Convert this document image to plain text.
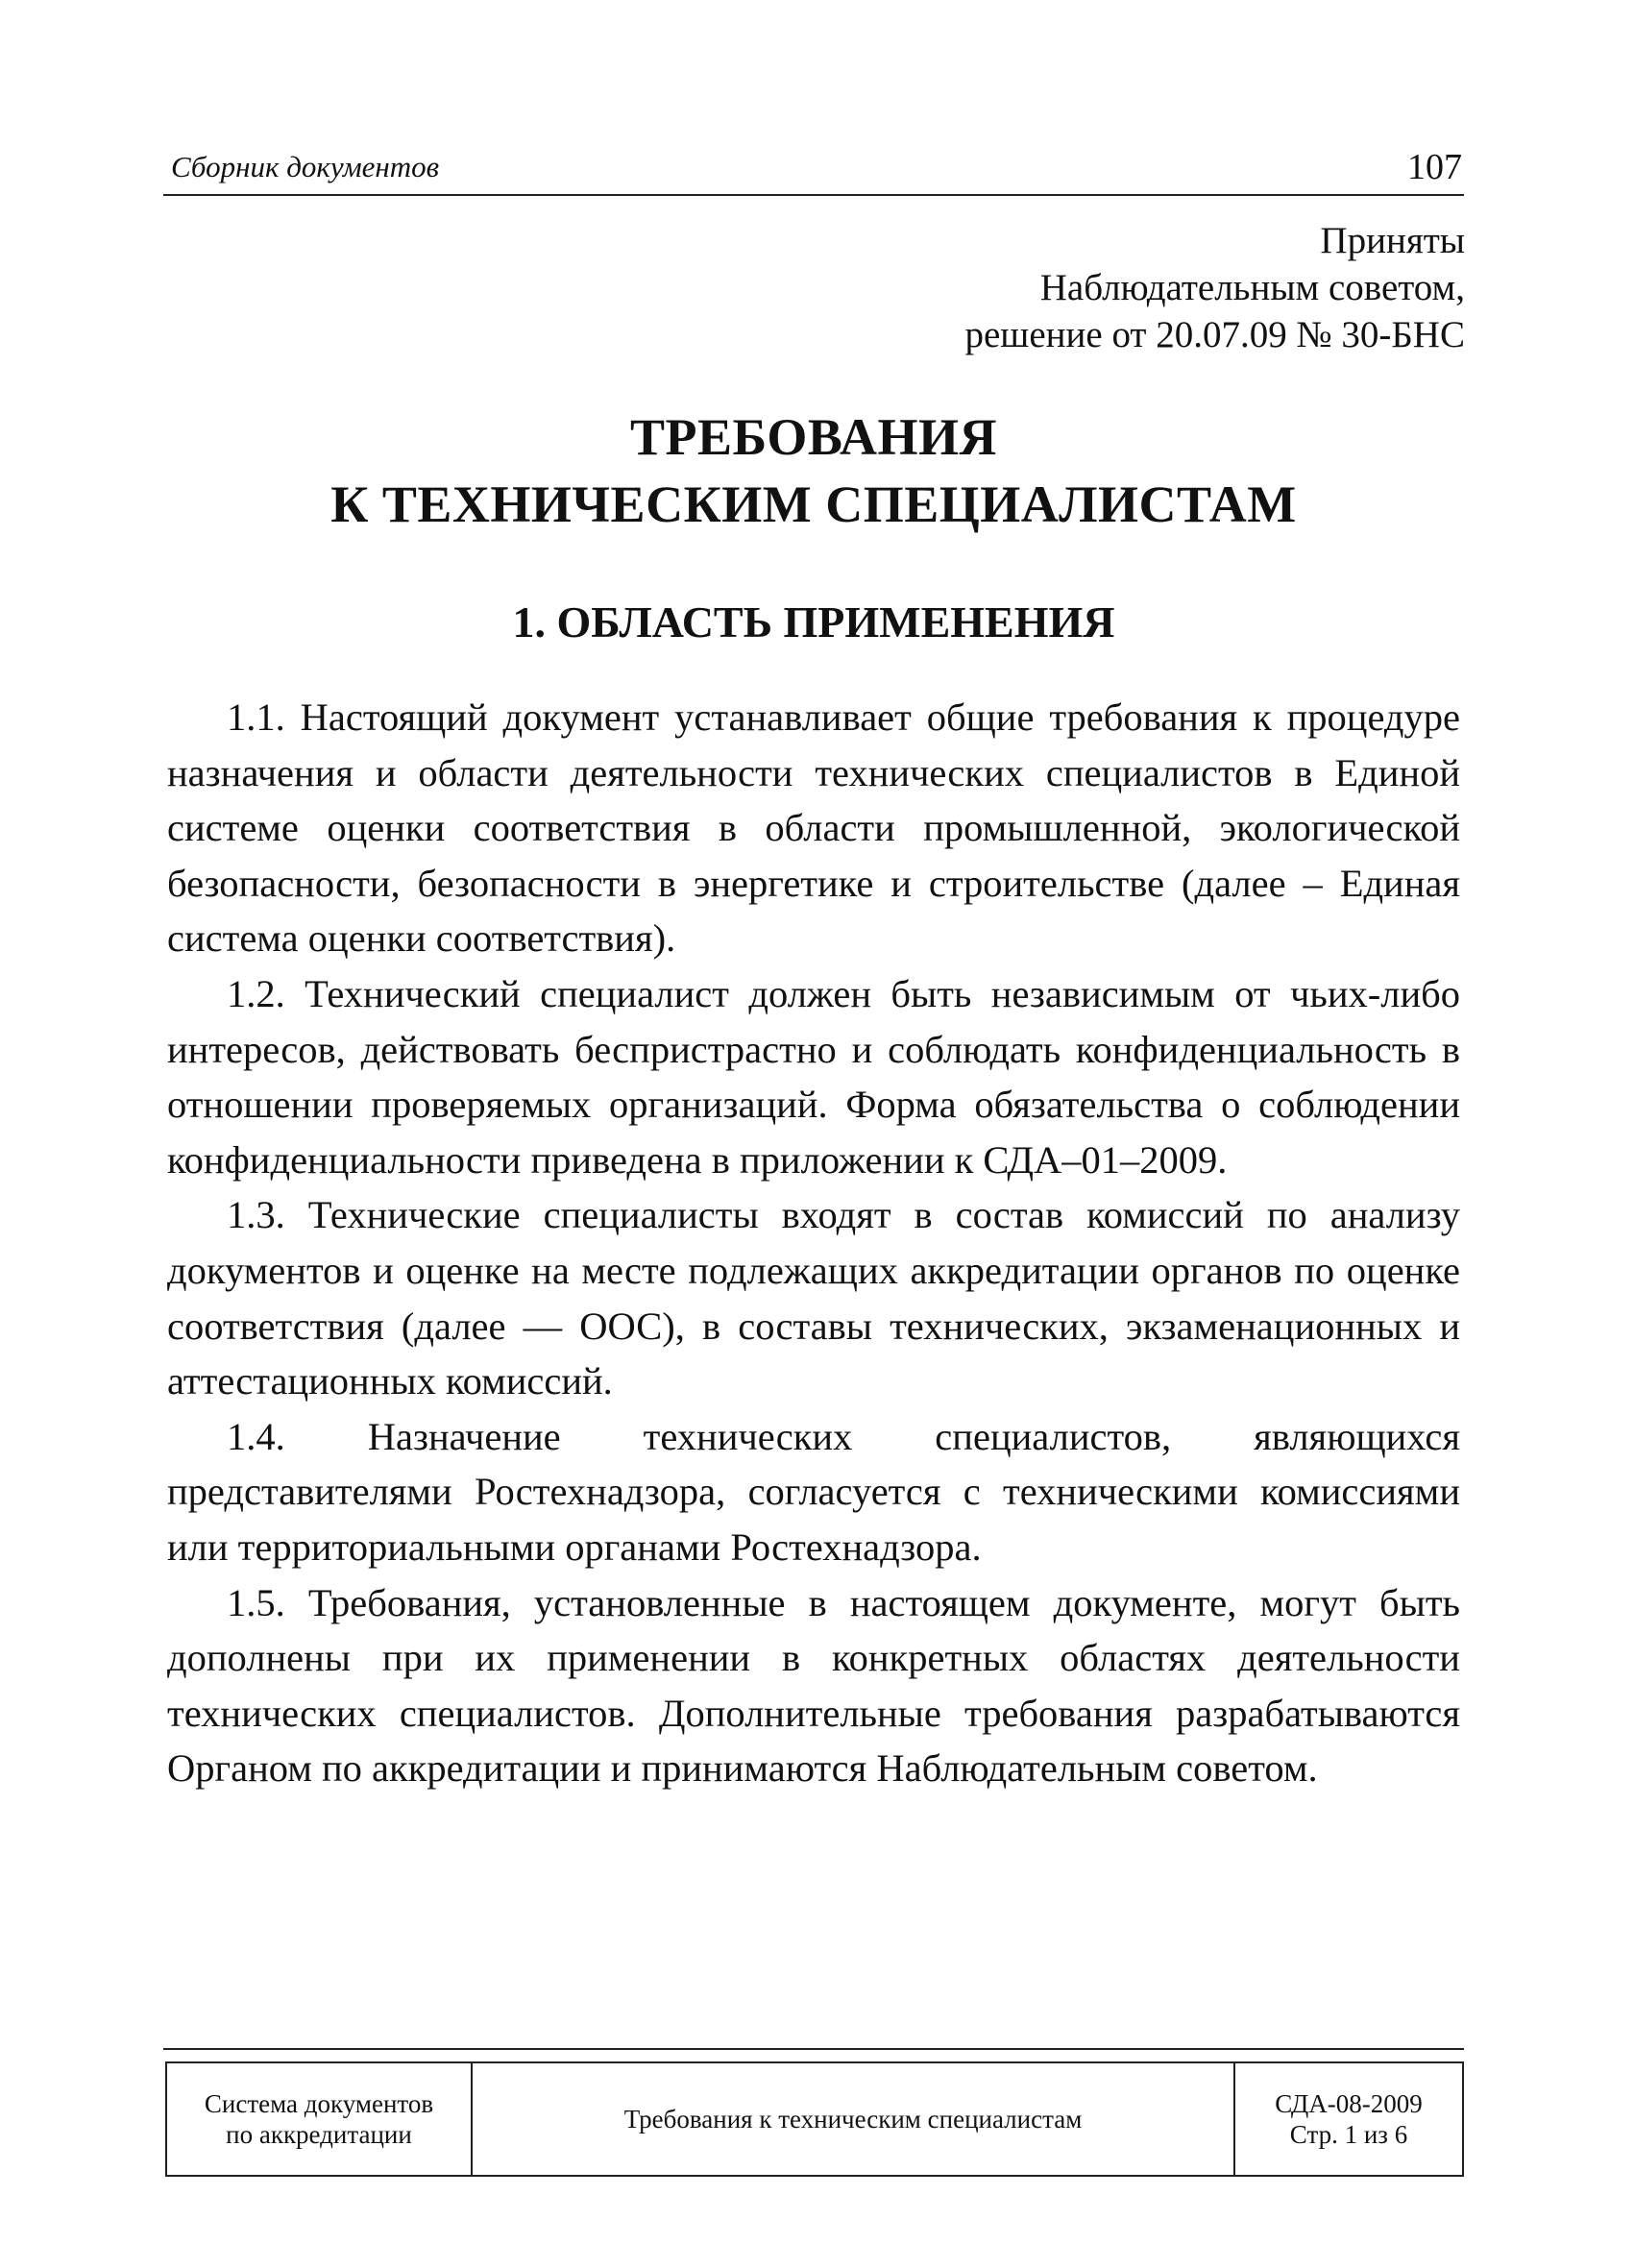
Сборник документов	107
Приняты
Наблюдательным советом,
решение от 20.07.09 № 30-БНС
ТРЕБОВАНИЯ
К ТЕХНИЧЕСКИМ СПЕЦИАЛИСТАМ
1. ОБЛАСТЬ ПРИМЕНЕНИЯ

1.1. Настоящий документ устанавливает общие требования к процедуре назначения и области деятельности технических специалистов в Единой системе оценки соответствия в области промышленной, экологической безопасности, безопасности в энергетике и строительстве (далее – Единая система оценки соответствия).

1.2. Технический специалист должен быть независимым от чьих-либо интересов, действовать беспристрастно и соблюдать конфиденциальность в отношении проверяемых организаций. Форма обязательства о соблюдении конфиденциальности приведена в приложении к СДА–01–2009.

1.3. Технические специалисты входят в состав комиссий по анализу документов и оценке на месте подлежащих аккредитации органов по оценке соответствия (далее — ООС), в составы технических, экзаменационных и аттестационных комиссий.

1.4. Назначение технических специалистов, являющихся представителями Ростехнадзора, согласуется с техническими комиссиями или территориальными органами Ростехнадзора.

1.5. Требования, установленные в настоящем документе, могут быть дополнены при их применении в конкретных областях деятельности технических специалистов. Дополнительные требования разрабатываются Органом по аккредитации и принимаются Наблюдательным советом.

Система документов
по аккредитации
Требования к техническим специалистам
СДА-08-2009
Стр. 1 из 6
